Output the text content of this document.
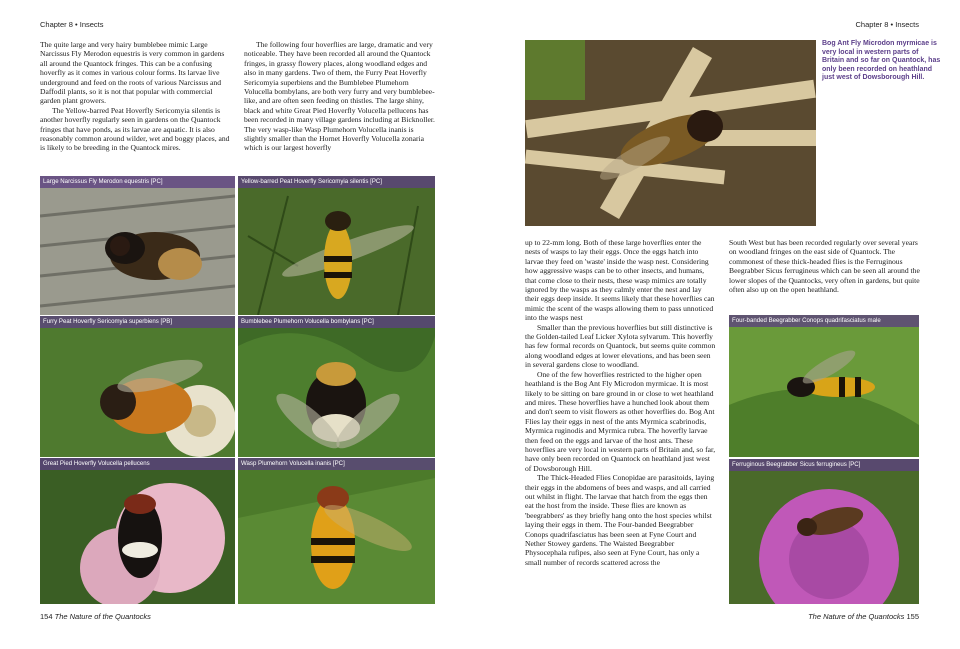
Chapter 8 • Insects

The quite large and very hairy bumblebee mimic Large Narcissus Fly Merodon equestris is very common in gardens all around the Quantock fringes. This can be a confusing hoverfly as it comes in various colour forms. Its larvae live underground and feed on the roots of various Narcissus and Daffodil plants, so it is not that popular with commercial garden plant growers.

The Yellow-barred Peat Hoverfly Sericomyia silentis is another hoverfly regularly seen in gardens on the Quantock fringes that have ponds, as its larvae are aquatic. It is also reasonably common around wilder, wet and boggy places, and is likely to be breeding in the Quantock mires.

The following four hoverflies are large, dramatic and very noticeable. They have been recorded all around the Quantock fringes, in grassy flowery places, along woodland edges and also in many gardens. Two of them, the Furry Peat Hoverfly Sericomyia superbiens and the Bumblebee Plumehorn Volucella bombylans, are both very furry and very bumblebee-like, and are often seen feeding on thistles. The large shiny, black and white Great Pied Hoverfly Volucella pellucens has been recorded in many village gardens including at Bicknoller. The very wasp-like Wasp Plumehorn Volucella inanis is slightly smaller than the Hornet Hoverfly Volucella zonaria which is our largest hoverfly

Large Narcissus Fly Merodon equestris [PC]	Yellow-barred Peat Hoverfly Sericomyia silentis [PC]
Furry Peat Hoverfly Sericomyia superbiens [PB]	Bumblebee Plumehorn Volucella bombylans [PC]
Great Pied Hoverfly Volucella pellucens	Wasp Plumehorn Volucella inanis [PC]
154 The Nature of the Quantocks
Chapter 8 • Insects
Bog Ant Fly Microdon myrmicae is very local in western parts of Britain and so far on Quantock, has only been recorded on heathland just west of Dowsborough Hill.

up to 22-mm long. Both of these large hoverflies enter the nests of wasps to lay their eggs. Once the eggs hatch into larvae they feed on 'waste' inside the wasp nest. Considering how aggressive wasps can be to other insects, and humans, that come close to their nests, these wasp mimics are totally ignored by the wasps as they calmly enter the nest and lay their eggs deep inside. It seems likely that these hoverflies can mimic the scent of the wasps allowing them to pass unnoticed into the wasps nest

Smaller than the previous hoverflies but still distinctive is the Golden-tailed Leaf Licker Xylota sylvarum. This hoverfly has few formal records on Quantock, but seems quite common along woodland edges at lower elevations, and has been seen in several gardens close to woodland.

One of the few hoverflies restricted to the higher open heathland is the Bog Ant Fly Microdon myrmicae. It is most likely to be sitting on bare ground in or close to wet heathland and mires. These hoverflies have a hunched look about them and don't seem to visit flowers as other hoverflies do. Bog Ant Flies lay their eggs in nest of the ants Myrmica scabrinodis, Myrmica ruginodis and Myrmica rubra. The hoverfly larvae then feed on the eggs and larvae of the host ants. These hoverflies are very local in western parts of Britain and, so far, have only been recorded on Quantock on heathland just west of Dowsborough Hill.

The Thick-Headed Flies Conopidae are parasitoids, laying their eggs in the abdomens of bees and wasps, and all carried out whilst in flight. The larvae that hatch from the eggs then eat the host from the inside. These flies are known as 'beegrabbers' as they briefly hang onto the host species whilst laying their eggs in them. The Four-banded Beegrabber Conops quadrifasciatus has been seen at Fyne Court and Nether Stowey gardens. The Waisted Beegrabber Physocephala rufipes, also seen at Fyne Court, has only a small number of records scattered across the

South West but has been recorded regularly over several years on woodland fringes on the east side of Quantock. The commonest of these thick-headed flies is the Ferruginous Beegrabber Sicus ferrugineus which can be seen all around the lower slopes of the Quantocks, very often in gardens, but quite often also up on the open heathland.

Four-banded Beegrabber Conops quadrifasciatus male
Ferruginous Beegrabber Sicus ferrugineus [PC]
The Nature of the Quantocks 155
